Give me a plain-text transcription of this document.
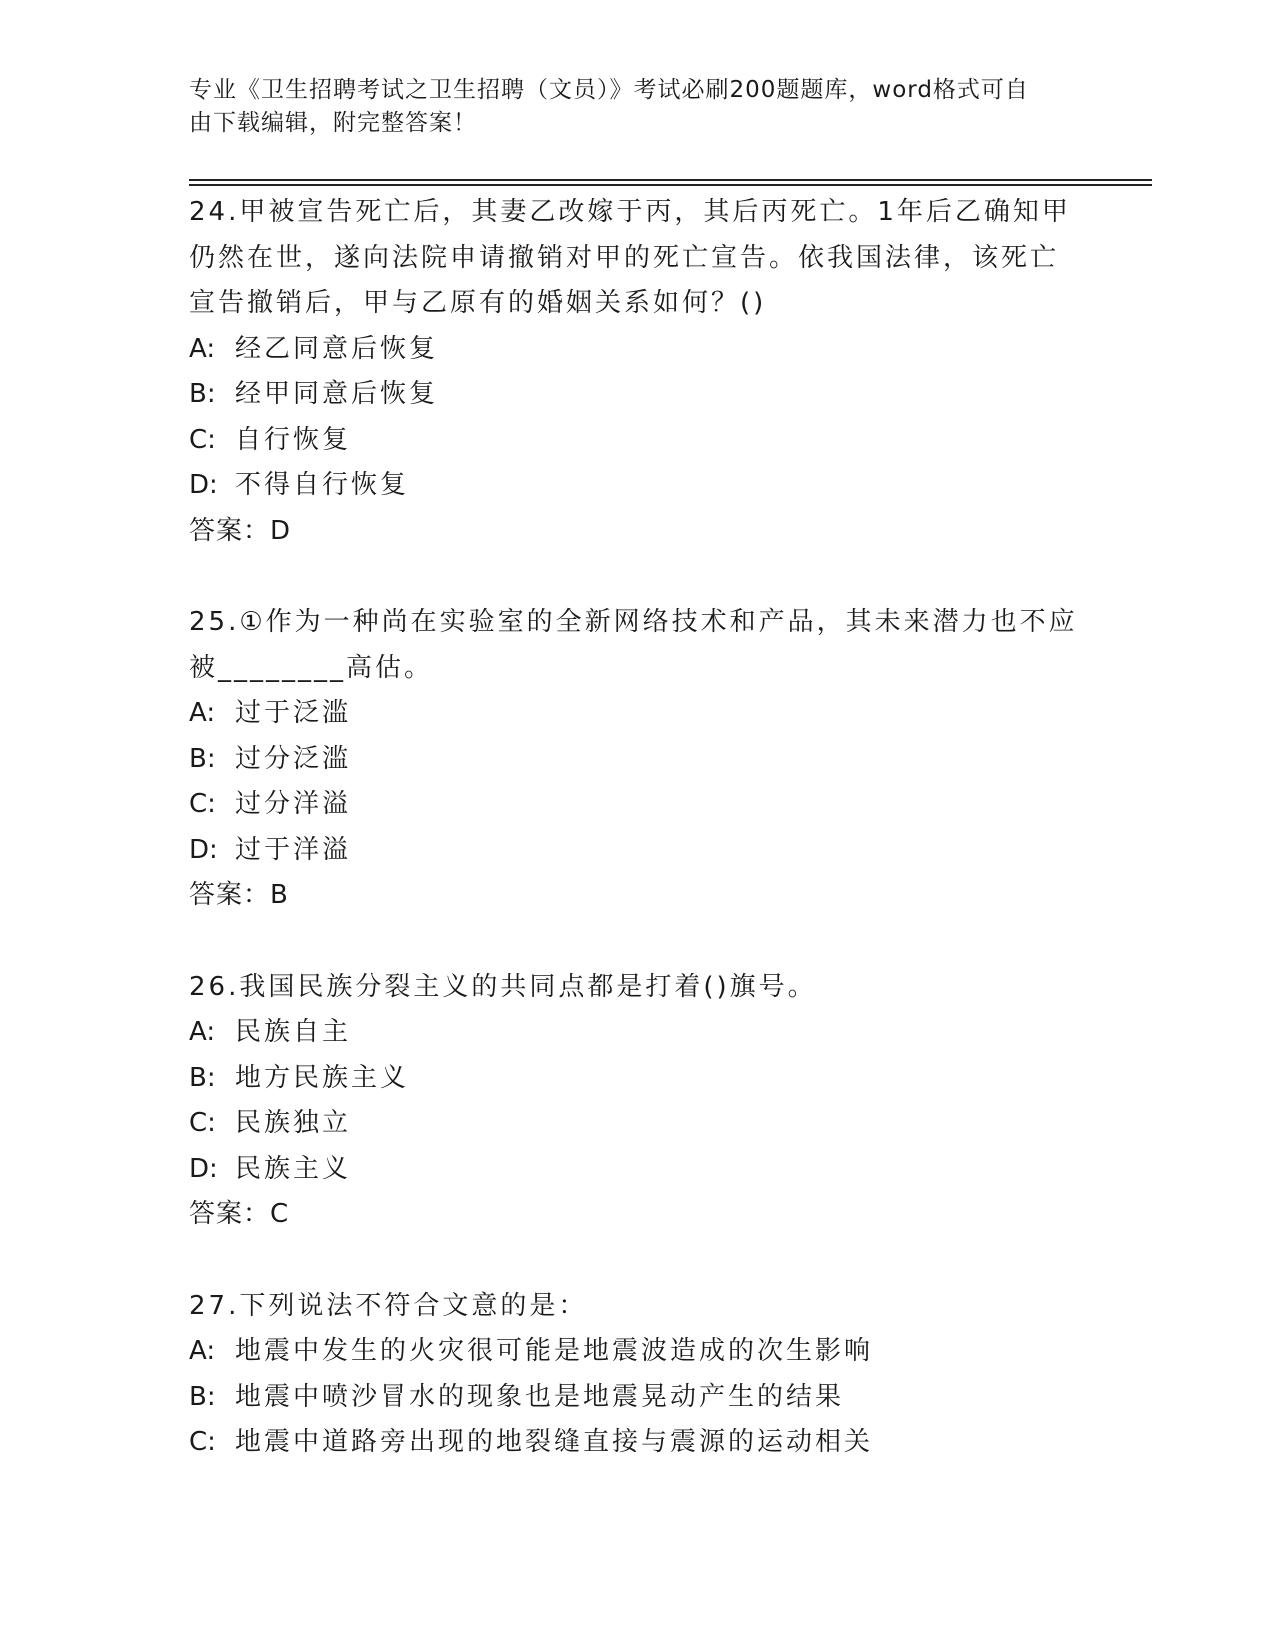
专业《卫生招聘考试之卫生招聘（文员）》考试必刷200题题库，word格式可自
由下载编辑，附完整答案！

24.甲被宣告死亡后，其妻乙改嫁于丙，其后丙死亡。1年后乙确知甲

仍然在世，遂向法院申请撤销对甲的死亡宣告。依我国法律，该死亡

宣告撤销后，甲与乙原有的婚姻关系如何？()

A: 经乙同意后恢复

B: 经甲同意后恢复

C: 自行恢复

D: 不得自行恢复

答案：D

25.①作为一种尚在实验室的全新网络技术和产品，其未来潜力也不应

被________高估。

A: 过于泛滥

B: 过分泛滥

C: 过分洋溢

D: 过于洋溢

答案：B

26.我国民族分裂主义的共同点都是打着()旗号。

A: 民族自主

B: 地方民族主义

C: 民族独立

D: 民族主义

答案：C

27.下列说法不符合文意的是：

A: 地震中发生的火灾很可能是地震波造成的次生影响

B: 地震中喷沙冒水的现象也是地震晃动产生的结果

C: 地震中道路旁出现的地裂缝直接与震源的运动相关
